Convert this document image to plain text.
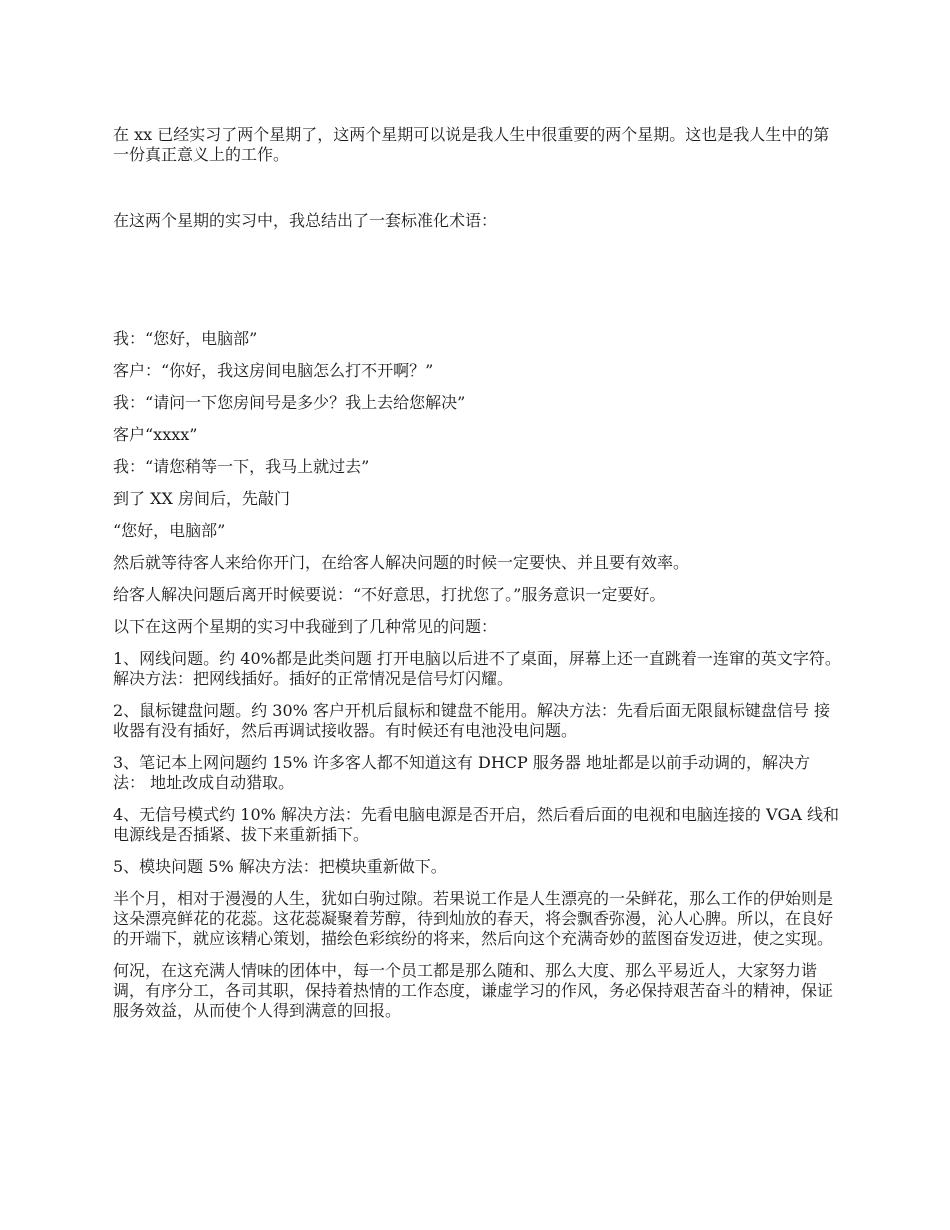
在 xx 已经实习了两个星期了，这两个星期可以说是我人生中很重要的两个星期。这也是我人生中的第一份真正意义上的工作。

在这两个星期的实习中，我总结出了一套标准化术语：

我：“您好，电脑部”

客户：“你好，我这房间电脑怎么打不开啊？”

我：“请问一下您房间号是多少？我上去给您解决”

客户“xxxx”

我：“请您稍等一下，我马上就过去”

到了 XX 房间后，先敲门

“您好，电脑部”

然后就等待客人来给你开门，在给客人解决问题的时候一定要快、并且要有效率。

给客人解决问题后离开时候要说：“不好意思，打扰您了。”服务意识一定要好。

以下在这两个星期的实习中我碰到了几种常见的问题：

1、网线问题。约 40%都是此类问题 打开电脑以后进不了桌面，屏幕上还一直跳着一连窜的英文字符。解决方法：把网线插好。插好的正常情况是信号灯闪耀。

2、鼠标键盘问题。约 30% 客户开机后鼠标和键盘不能用。解决方法：先看后面无限鼠标键盘信号 接收器有没有插好，然后再调试接收器。有时候还有电池没电问题。

3、笔记本上网问题约 15% 许多客人都不知道这有 DHCP 服务器 地址都是以前手动调的，解决方法： 地址改成自动猎取。

4、无信号模式约 10% 解决方法：先看电脑电源是否开启，然后看后面的电视和电脑连接的 VGA 线和电源线是否插紧、拔下来重新插下。

5、模块问题 5% 解决方法：把模块重新做下。

半个月，相对于漫漫的人生，犹如白驹过隙。若果说工作是人生漂亮的一朵鲜花，那么工作的伊始则是这朵漂亮鲜花的花蕊。这花蕊凝聚着芳醇，待到灿放的春天，将会飘香弥漫，沁人心脾。所以，在良好的开端下，就应该精心策划，描绘色彩缤纷的将来，然后向这个充满奇妙的蓝图奋发迈进，使之实现。

何况，在这充满人情味的团体中，每一个员工都是那么随和、那么大度、那么平易近人，大家努力谐调，有序分工，各司其职，保持着热情的工作态度，谦虚学习的作风，务必保持艰苦奋斗的精神，保证服务效益，从而使个人得到满意的回报。
